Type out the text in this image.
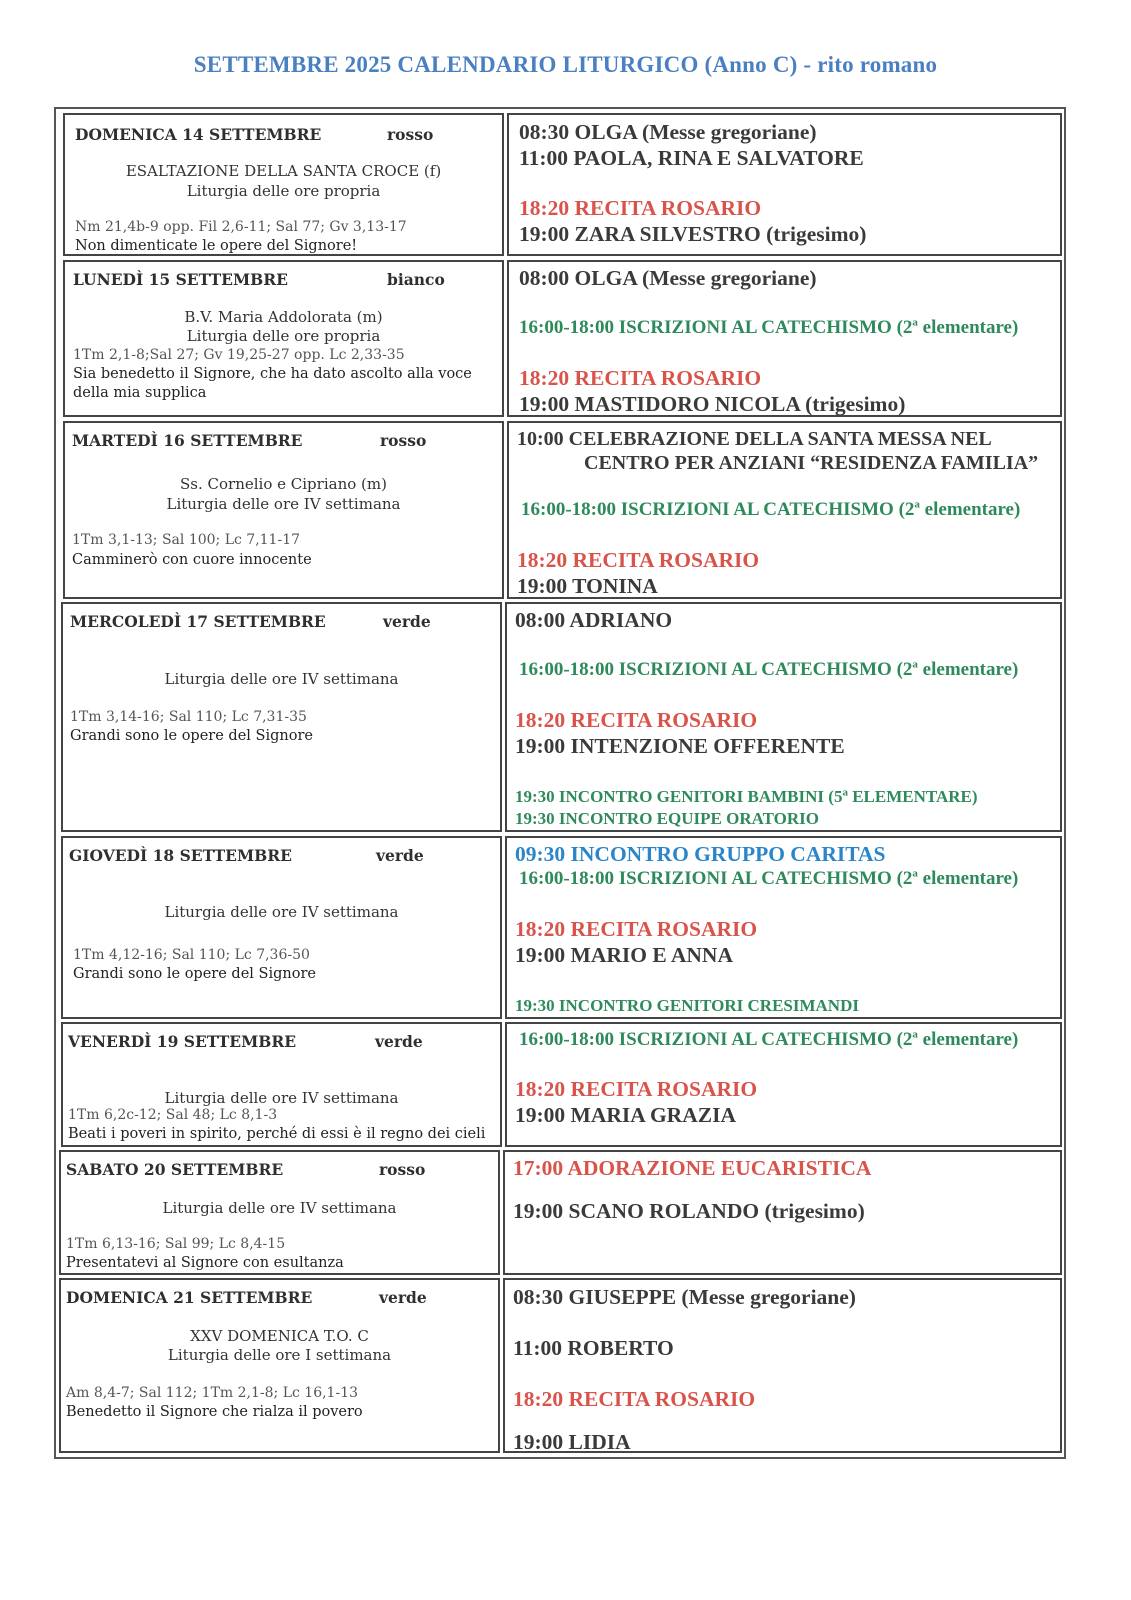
SETTEMBRE 2025 CALENDARIO LITURGICO (Anno C) - rito romano
DOMENICA 14 SETTEMBRE	rosso
ESALTAZIONE DELLA SANTA CROCE (f)
Liturgia delle ore propria
Nm 21,4b-9 opp. Fil 2,6-11; Sal 77; Gv 3,13-17
Non dimenticate le opere del Signore!
08:30 OLGA (Messe gregoriane)
11:00 PAOLA, RINA E SALVATORE
18:20 RECITA ROSARIO
19:00 ZARA SILVESTRO (trigesimo)
LUNEDÌ 15 SETTEMBRE	bianco
B.V. Maria Addolorata (m)
Liturgia delle ore propria
1Tm 2,1-8;Sal 27; Gv 19,25-27 opp. Lc 2,33-35
Sia benedetto il Signore, che ha dato ascolto alla voce della mia supplica
08:00 OLGA (Messe gregoriane)
16:00-18:00 ISCRIZIONI AL CATECHISMO (2$^a$ elementare)
18:20 RECITA ROSARIO
19:00 MASTIDORO NICOLA (trigesimo)
MARTEDÌ 16 SETTEMBRE	rosso
Ss. Cornelio e Cipriano (m)
Liturgia delle ore IV settimana
1Tm 3,1-13; Sal 100; Lc 7,11-17
Camminerò con cuore innocente
10:00 CELEBRAZIONE DELLA SANTA MESSA NEL
CENTRO PER ANZIANI “RESIDENZA FAMILIA”
16:00-18:00 ISCRIZIONI AL CATECHISMO (2$^a$ elementare)
18:20 RECITA ROSARIO
19:00 TONINA
MERCOLEDÌ 17 SETTEMBRE	verde
Liturgia delle ore IV settimana
1Tm 3,14-16; Sal 110; Lc 7,31-35
Grandi sono le opere del Signore
08:00 ADRIANO
16:00-18:00 ISCRIZIONI AL CATECHISMO (2$^a$ elementare)
18:20 RECITA ROSARIO
19:00 INTENZIONE OFFERENTE
19:30 INCONTRO GENITORI BAMBINI (5$^a$ ELEMENTARE)
19:30 INCONTRO EQUIPE ORATORIO
GIOVEDÌ 18 SETTEMBRE	verde
Liturgia delle ore IV settimana
1Tm 4,12-16; Sal 110; Lc 7,36-50
Grandi sono le opere del Signore
09:30 INCONTRO GRUPPO CARITAS
16:00-18:00 ISCRIZIONI AL CATECHISMO (2$^a$ elementare)
18:20 RECITA ROSARIO
19:00 MARIO E ANNA
19:30 INCONTRO GENITORI CRESIMANDI
VENERDÌ 19 SETTEMBRE	verde
Liturgia delle ore IV settimana
1Tm 6,2c-12; Sal 48; Lc 8,1-3
Beati i poveri in spirito, perché di essi è il regno dei cieli
16:00-18:00 ISCRIZIONI AL CATECHISMO (2$^a$ elementare)
18:20 RECITA ROSARIO
19:00 MARIA GRAZIA
SABATO 20 SETTEMBRE	rosso
Liturgia delle ore IV settimana
1Tm 6,13-16; Sal 99; Lc 8,4-15
Presentatevi al Signore con esultanza
17:00 ADORAZIONE EUCARISTICA
19:00 SCANO ROLANDO (trigesimo)
DOMENICA 21 SETTEMBRE	verde
XXV DOMENICA T.O. C
Liturgia delle ore I settimana
Am 8,4-7; Sal 112; 1Tm 2,1-8; Lc 16,1-13
Benedetto il Signore che rialza il povero
08:30 GIUSEPPE (Messe gregoriane)
11:00 ROBERTO
18:20 RECITA ROSARIO
19:00 LIDIA
